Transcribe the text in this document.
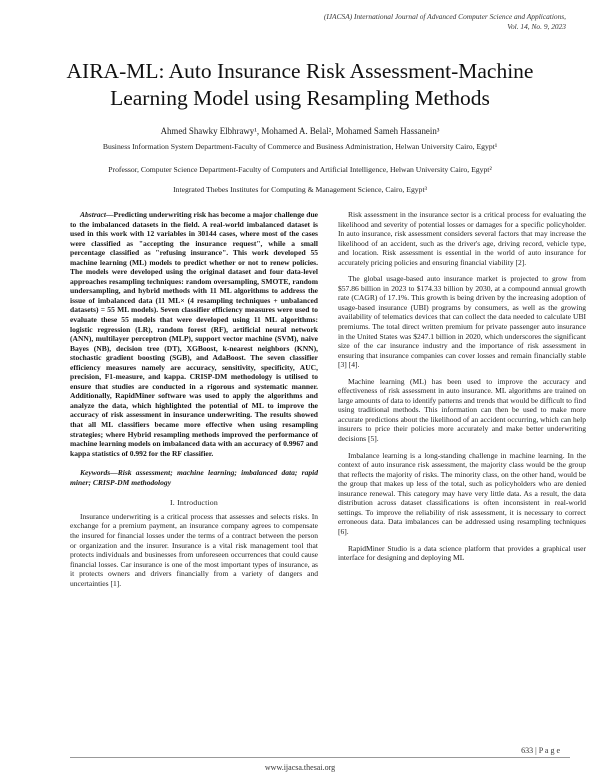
(IJACSA) International Journal of Advanced Computer Science and Applications,
Vol. 14, No. 9, 2023
AIRA-ML: Auto Insurance Risk Assessment-Machine Learning Model using Resampling Methods
Ahmed Shawky Elbhrawy¹, Mohamed A. Belal², Mohamed Sameh Hassanein³
Business Information System Department-Faculty of Commerce and Business Administration, Helwan University Cairo, Egypt¹
Professor, Computer Science Department-Faculty of Computers and Artificial Intelligence, Helwan University Cairo, Egypt²
Integrated Thebes Institutes for Computing & Management Science, Cairo, Egypt³

Abstract—Predicting underwriting risk has become a major challenge due to the imbalanced datasets in the field. A real-world imbalanced dataset is used in this work with 12 variables in 30144 cases, where most of the cases were classified as "accepting the insurance request", while a small percentage classified as "refusing insurance". This work developed 55 machine learning (ML) models to predict whether or not to renew policies. The models were developed using the original dataset and four data-level approaches resampling techniques: random oversampling, SMOTE, random undersampling, and hybrid methods with 11 ML algorithms to address the issue of imbalanced data (11 ML× (4 resampling techniques + unbalanced datasets) = 55 ML models). Seven classifier efficiency measures were used to evaluate these 55 models that were developed using 11 ML algorithms: logistic regression (LR), random forest (RF), artificial neural network (ANN), multilayer perceptron (MLP), support vector machine (SVM), naive Bayes (NB), decision tree (DT), XGBoost, k-nearest neighbors (KNN), stochastic gradient boosting (SGB), and AdaBoost. The seven classifier efficiency measures namely are accuracy, sensitivity, specificity, AUC, precision, F1-measure, and kappa. CRISP-DM methodology is utilised to ensure that studies are conducted in a rigorous and systematic manner. Additionally, RapidMiner software was used to apply the algorithms and analyze the data, which highlighted the potential of ML to improve the accuracy of risk assessment in insurance underwriting. The results showed that all ML classifiers became more effective when using resampling strategies; where Hybrid resampling methods improved the performance of machine learning models on imbalanced data with an accuracy of 0.9967 and kappa statistics of 0.992 for the RF classifier.

Keywords—Risk assessment; machine learning; imbalanced data; rapid miner; CRISP-DM methodology

I. Introduction

Insurance underwriting is a critical process that assesses and selects risks. In exchange for a premium payment, an insurance company agrees to compensate the insured for financial losses under the terms of a contract between the person or organization and the insurer. Insurance is a vital risk management tool that protects individuals and businesses from unforeseen occurrences that could cause financial losses. Car insurance is one of the most important types of insurance, as it protects owners and drivers financially from a variety of dangers and uncertainties [1].

Risk assessment in the insurance sector is a critical process for evaluating the likelihood and severity of potential losses or damages for a specific policyholder. In auto insurance, risk assessment considers several factors that may increase the likelihood of an accident, such as the driver's age, driving record, vehicle type, and location. Risk assessment is essential in the world of auto insurance for accurately pricing policies and ensuring financial viability [2].

The global usage-based auto insurance market is projected to grow from $57.86 billion in 2023 to $174.33 billion by 2030, at a compound annual growth rate (CAGR) of 17.1%. This growth is being driven by the increasing adoption of usage-based insurance (UBI) programs by consumers, as well as the growing availability of telematics devices that can collect the data needed to calculate UBI premiums. The total direct written premium for private passenger auto insurance in the United States was $247.1 billion in 2020, which underscores the significant size of the car insurance industry and the importance of risk assessment in ensuring that insurance companies can cover losses and remain financially stable [3] [4].

Machine learning (ML) has been used to improve the accuracy and effectiveness of risk assessment in auto insurance. ML algorithms are trained on large amounts of data to identify patterns and trends that would be difficult to find using traditional methods. This information can then be used to make more accurate predictions about the likelihood of an accident occurring, which can help insurers to price their policies more accurately and make better underwriting decisions [5].

Imbalance learning is a long-standing challenge in machine learning. In the context of auto insurance risk assessment, the majority class would be the group that reflects the majority of risks. The minority class, on the other hand, would be the group that makes up less of the total, such as policyholders who are denied insurance renewal. This category may have very little data. As a result, the data distribution across dataset classifications is often inconsistent in real-world settings. To improve the reliability of risk assessment, it is necessary to correct erroneous data. Data imbalances can be addressed using resampling techniques [6].

RapidMiner Studio is a data science platform that provides a graphical user interface for designing and deploying ML

633 | P a g e
www.ijacsa.thesai.org
